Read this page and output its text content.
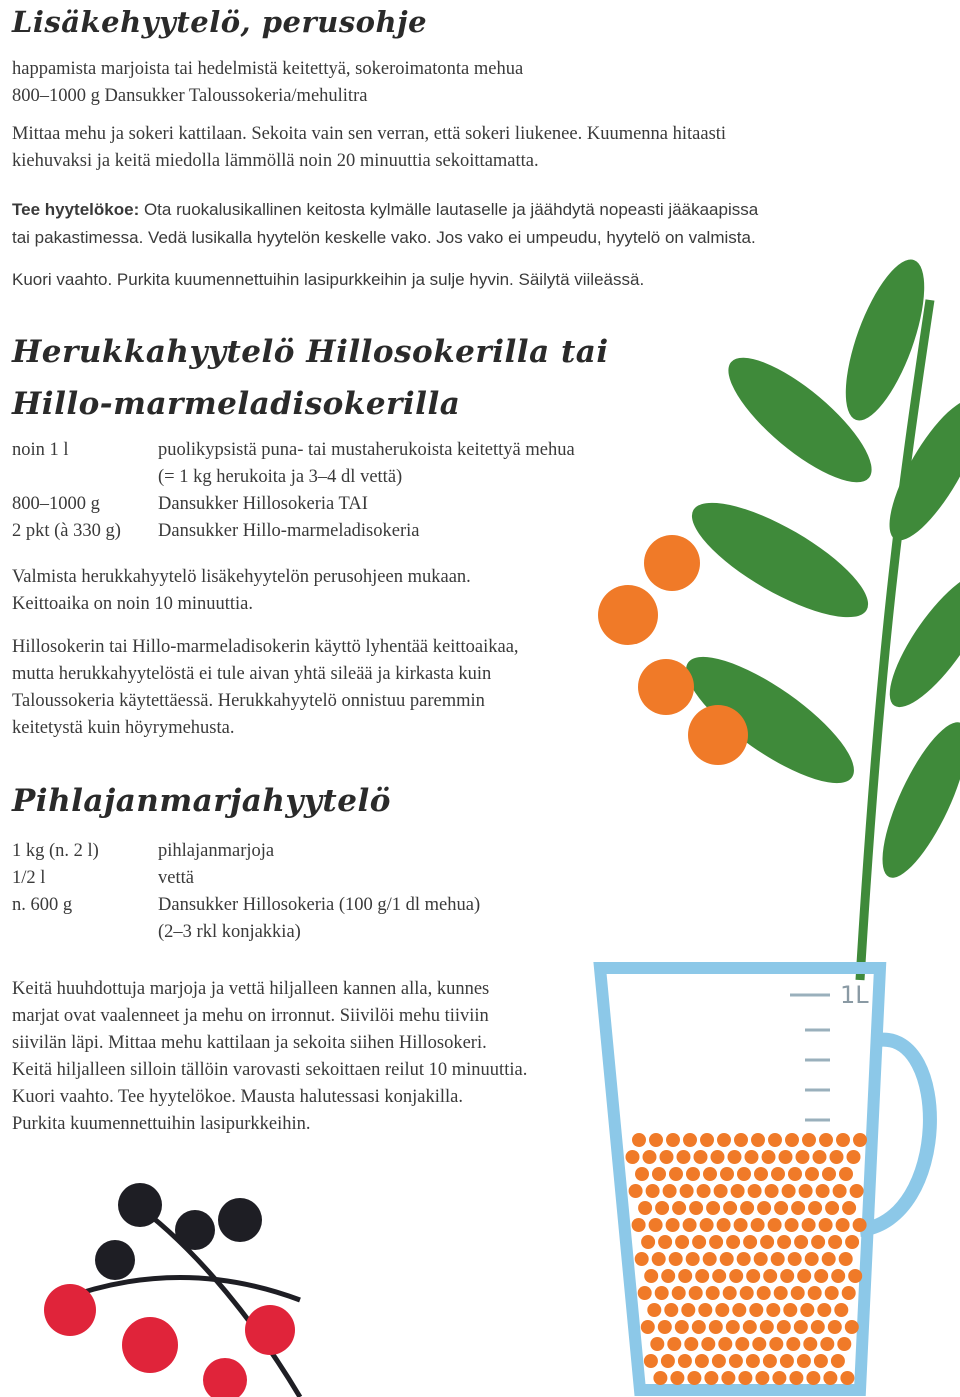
1L
Lisäkehyytelö, perusohje

happamista marjoista tai hedelmistä keitettyä, sokeroimatonta mehua

800–1000 g Dansukker Taloussokeria/mehulitra

Mittaa mehu ja sokeri kattilaan. Sekoita vain sen verran, että sokeri liukenee. Kuumenna hitaasti

kiehuvaksi ja keitä miedolla lämmöllä noin 20 minuuttia sekoittamatta.

Tee hyytelökoe: Ota ruokalusikallinen keitosta kylmälle lautaselle ja jäähdytä nopeasti jääkaapissa

tai pakastimessa. Vedä lusikalla hyytelön keskelle vako. Jos vako ei umpeudu, hyytelö on valmista.

Kuori vaahto. Purkita kuumennettuihin lasipurkkeihin ja sulje hyvin. Säilytä viileässä.

Herukkahyytelö Hillosokerilla tai
Hillo-marmeladisokerilla
noin 1 l	puolikypsistä puna- tai mustaherukoista keitettyä mehua
	(= 1 kg herukoita ja 3–4 dl vettä)
800–1000 g	Dansukker Hillosokeria TAI
2 pkt (à 330 g)	Dansukker Hillo-marmeladisokeria

Valmista herukkahyytelö lisäkehyytelön perusohjeen mukaan.

Keittoaika on noin 10 minuuttia.

Hillosokerin tai Hillo-marmeladisokerin käyttö lyhentää keittoaikaa,

mutta herukkahyytelöstä ei tule aivan yhtä sileää ja kirkasta kuin

Taloussokeria käytettäessä. Herukkahyytelö onnistuu paremmin

keitetystä kuin höyrymehusta.

Pihlajanmarjahyytelö
1 kg (n. 2 l)	pihlajanmarjoja
1/2 l	vettä
n. 600 g	Dansukker Hillosokeria (100 g/1 dl mehua)
	(2–3 rkl konjakkia)

Keitä huuhdottuja marjoja ja vettä hiljalleen kannen alla, kunnes

marjat ovat vaalenneet ja mehu on irronnut. Siivilöi mehu tiiviin

siivilän läpi. Mittaa mehu kattilaan ja sekoita siihen Hillosokeri.

Keitä hiljalleen silloin tällöin varovasti sekoittaen reilut 10 minuuttia.

Kuori vaahto. Tee hyytelökoe. Mausta halutessasi konjakilla.

Purkita kuumennettuihin lasipurkkeihin.
